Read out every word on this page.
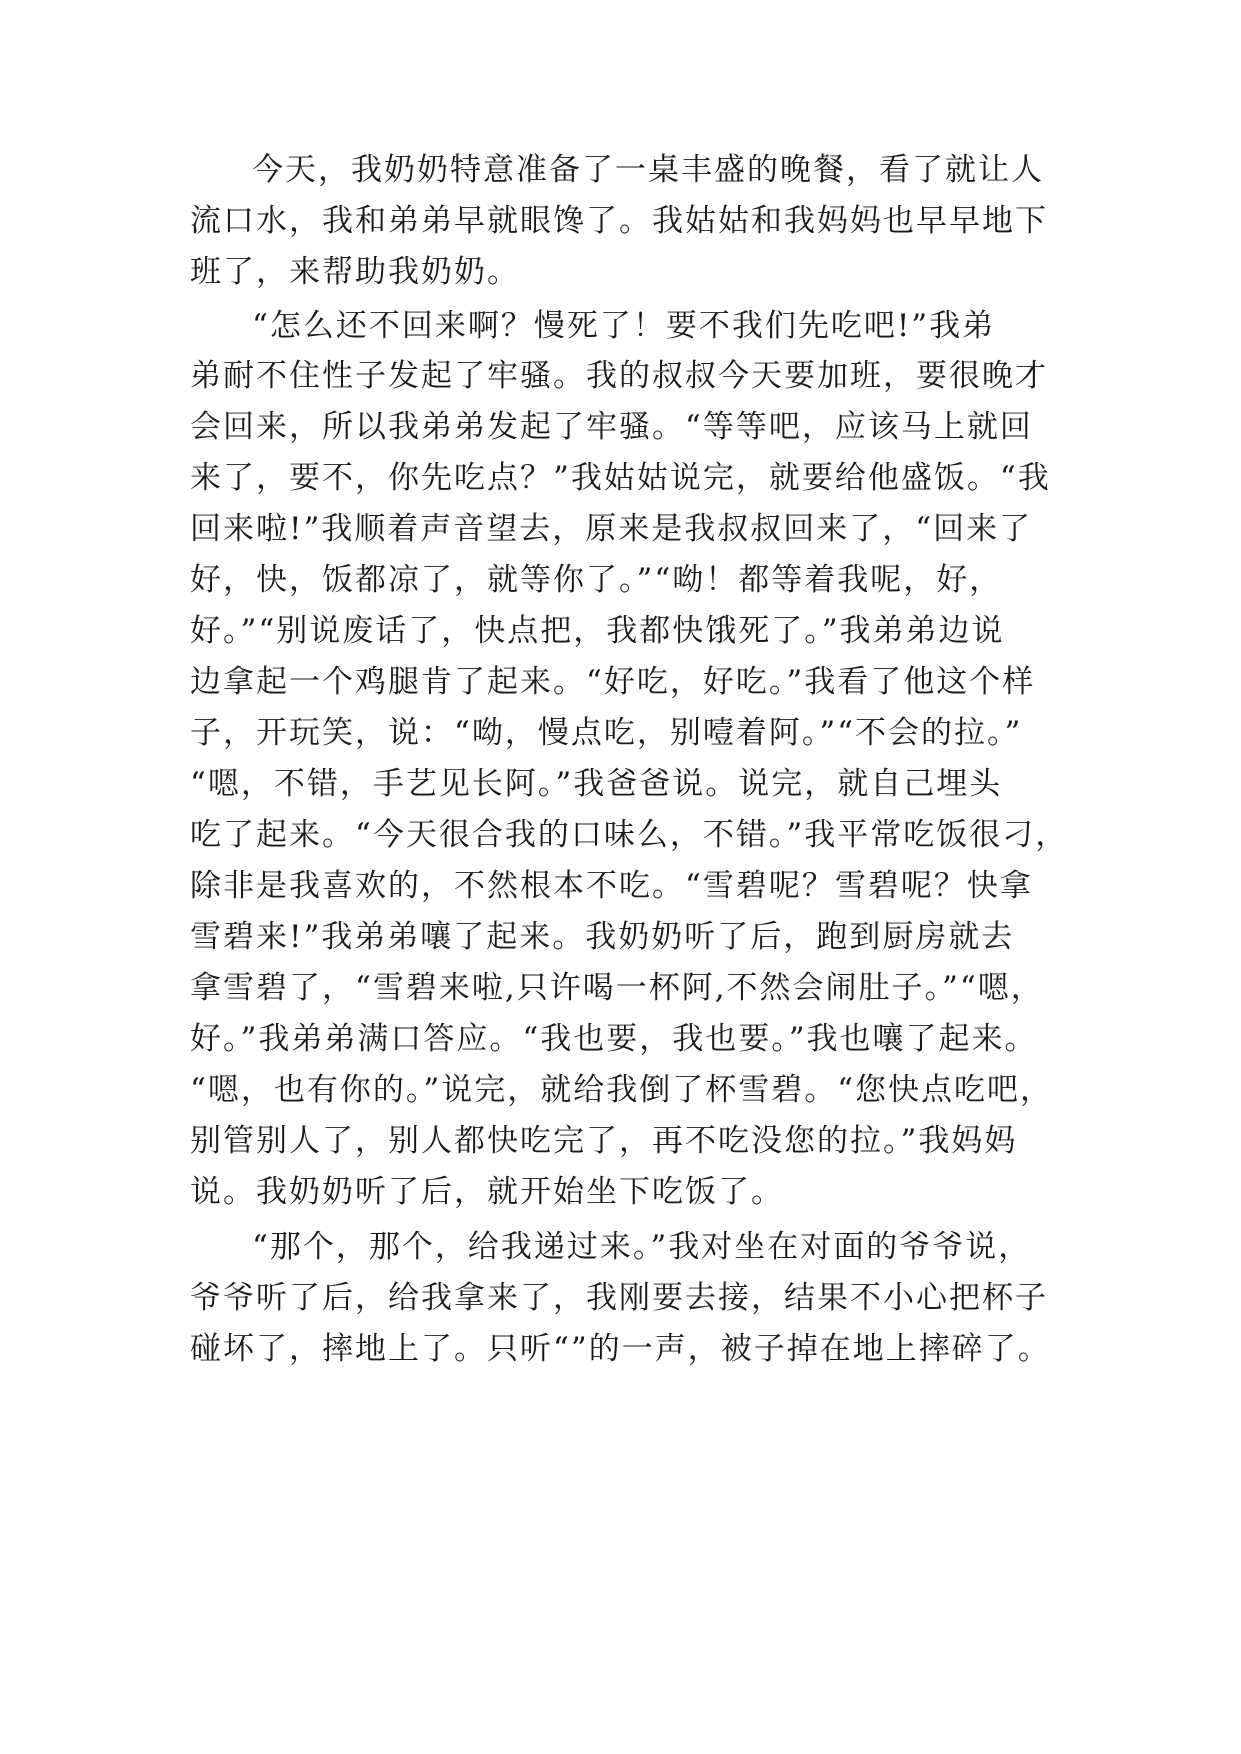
今天，我奶奶特意准备了一桌丰盛的晚餐，看了就让人
流口水，我和弟弟早就眼馋了。我姑姑和我妈妈也早早地下
班了，来帮助我奶奶。
“怎么还不回来啊？慢死了！要不我们先吃吧!”我弟
弟耐不住性子发起了牢骚。我的叔叔今天要加班，要很晚才
会回来，所以我弟弟发起了牢骚。“等等吧，应该马上就回
来了，要不，你先吃点？”我姑姑说完，就要给他盛饭。“我
回来啦!”我顺着声音望去，原来是我叔叔回来了，“回来了
好，快，饭都凉了，就等你了。”“呦！都等着我呢，好，
好。”“别说废话了，快点把，我都快饿死了。”我弟弟边说
边拿起一个鸡腿肯了起来。“好吃，好吃。”我看了他这个样
子，开玩笑，说：“呦，慢点吃，别噎着阿。”“不会的拉。”
“嗯，不错，手艺见长阿。”我爸爸说。说完，就自己埋头
吃了起来。“今天很合我的口味么，不错。”我平常吃饭很刁，
除非是我喜欢的，不然根本不吃。“雪碧呢？雪碧呢？快拿
雪碧来!”我弟弟嚷了起来。我奶奶听了后，跑到厨房就去
拿雪碧了，“雪碧来啦,只许喝一杯阿,不然会闹肚子。”“嗯，
好。”我弟弟满口答应。“我也要，我也要。”我也嚷了起来。
“嗯，也有你的。”说完，就给我倒了杯雪碧。“您快点吃吧，
别管别人了，别人都快吃完了，再不吃没您的拉。”我妈妈
说。我奶奶听了后，就开始坐下吃饭了。
“那个，那个，给我递过来。”我对坐在对面的爷爷说，
爷爷听了后，给我拿来了，我刚要去接，结果不小心把杯子
碰坏了，摔地上了。只听“”的一声，被子掉在地上摔碎了。
